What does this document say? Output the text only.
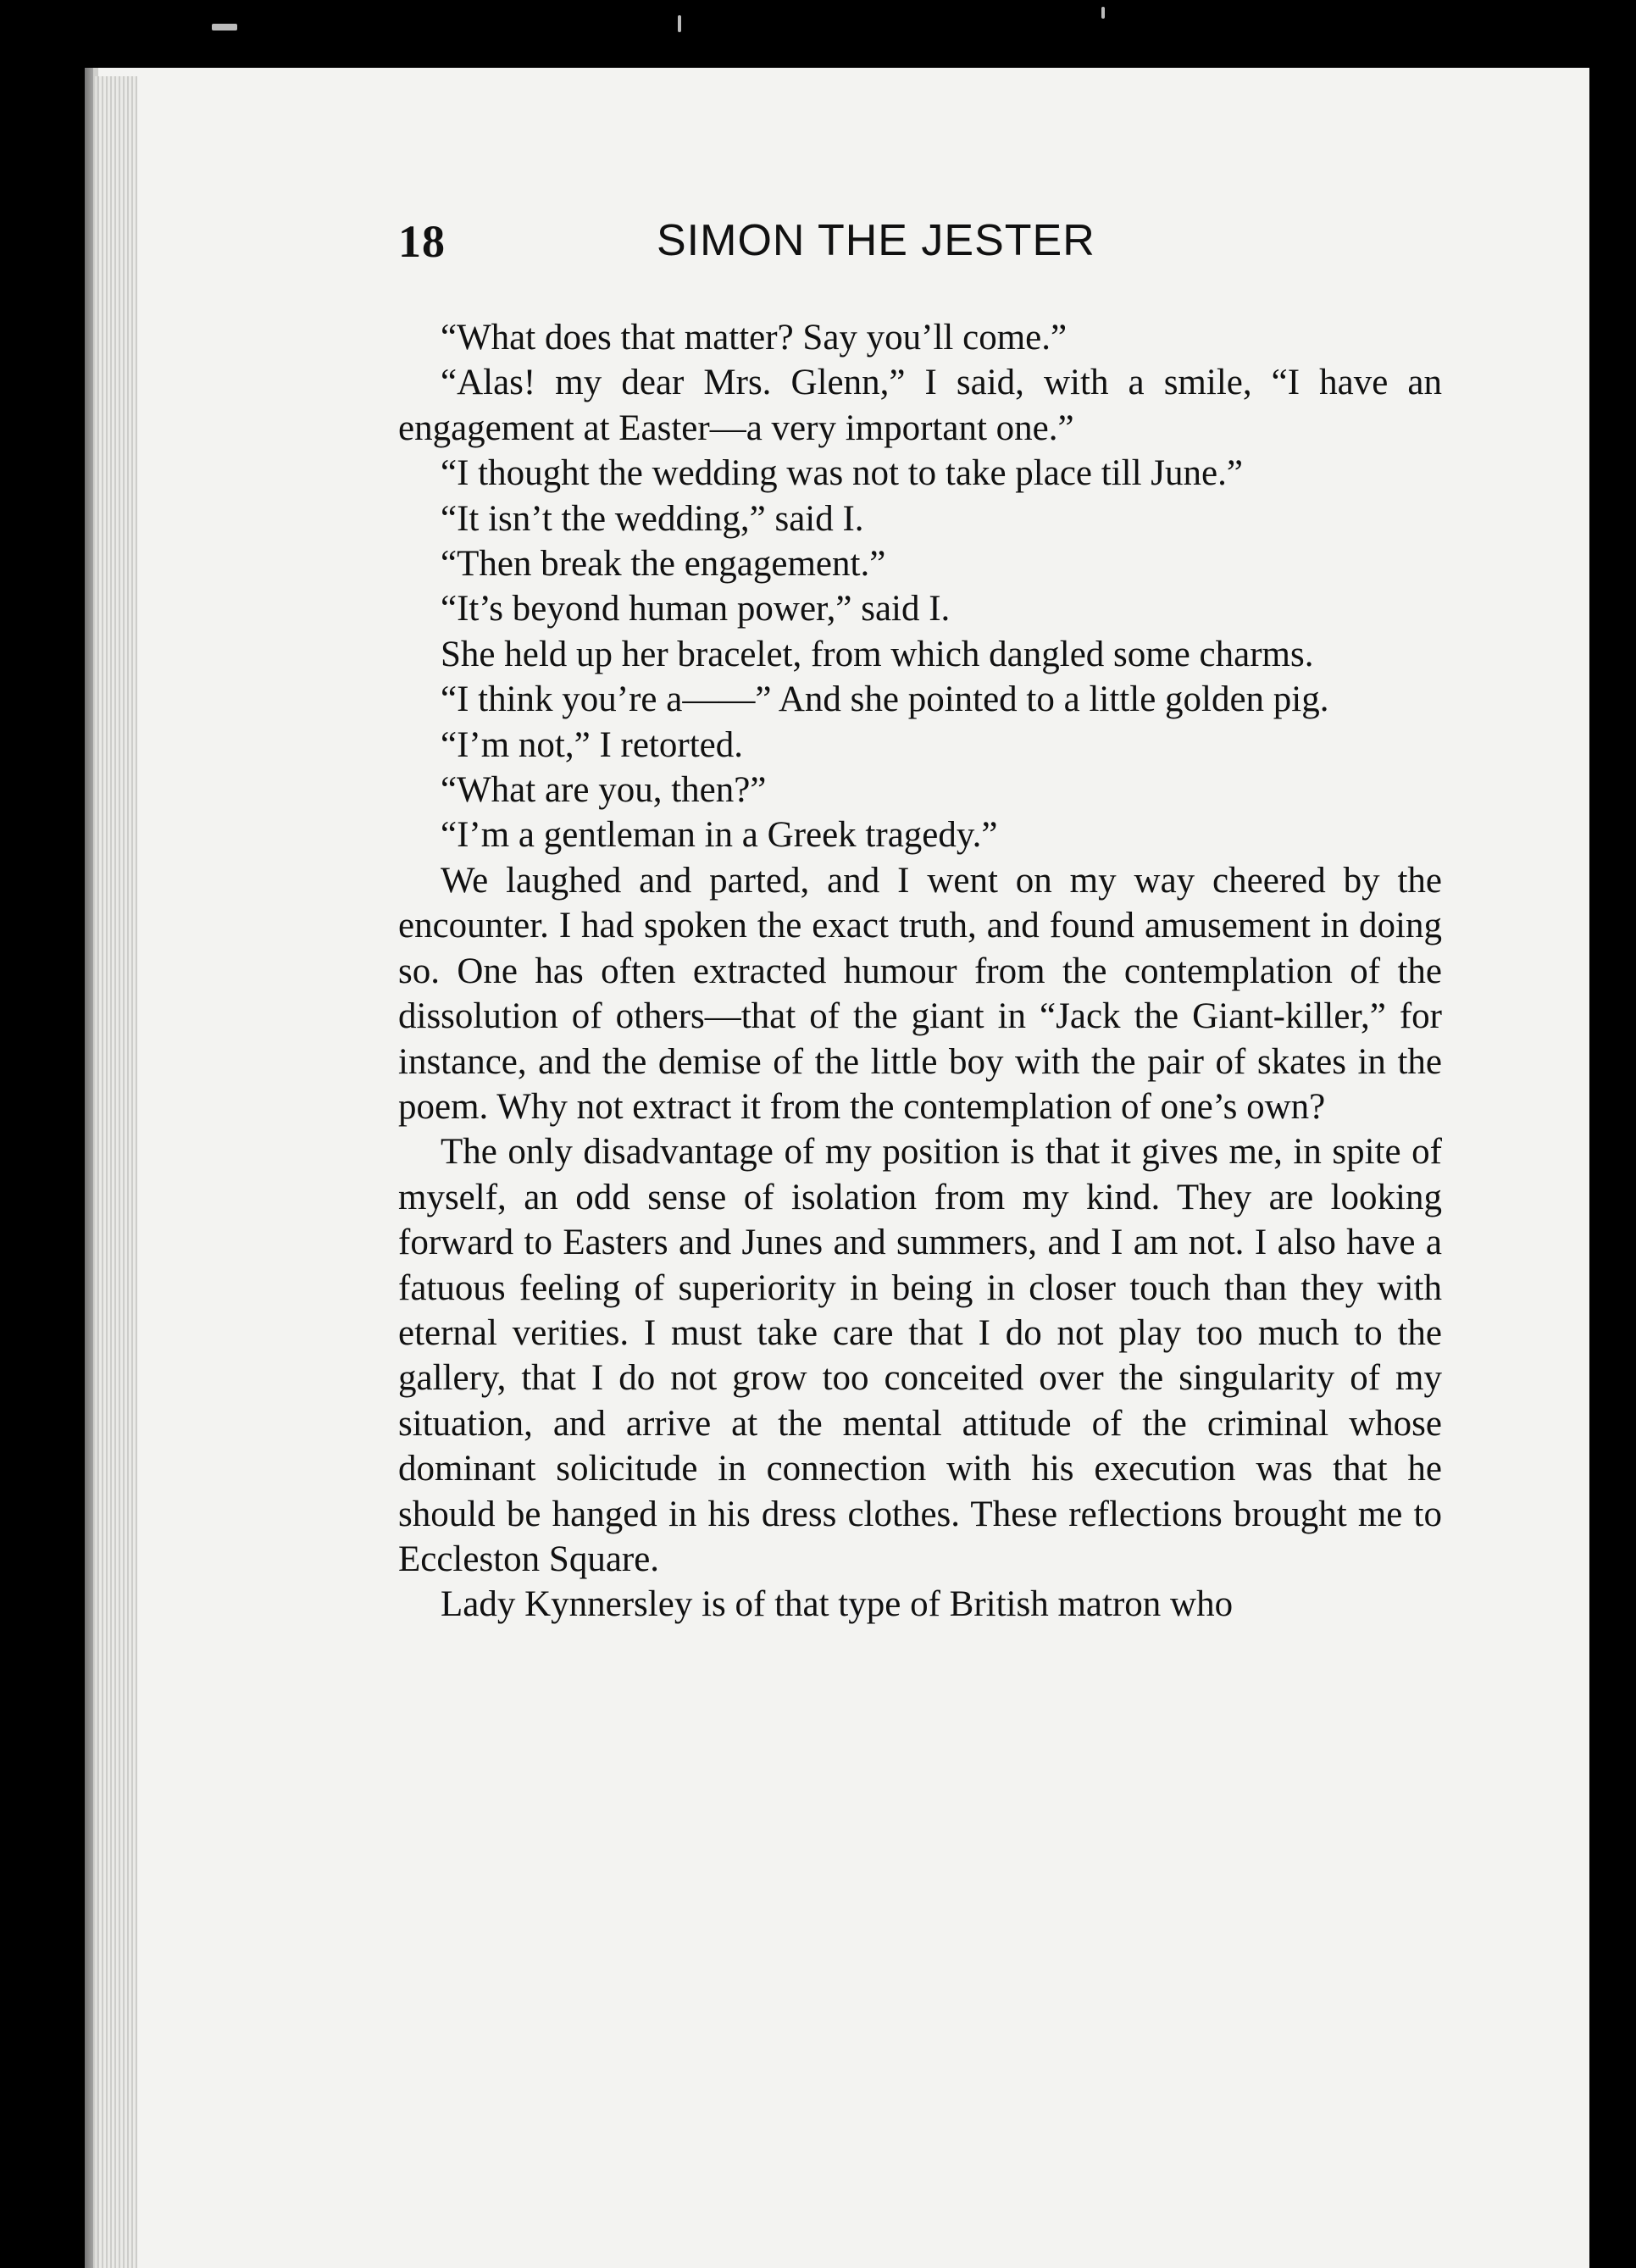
18	SIMON THE JESTER

“What does that matter? Say you’ll come.”

“Alas! my dear Mrs. Glenn,” I said, with a smile, “I have an engagement at Easter—a very important one.”

“I thought the wedding was not to take place till June.”

“It isn’t the wedding,” said I.

“Then break the engagement.”

“It’s beyond human power,” said I.

She held up her bracelet, from which dangled some charms.

“I think you’re a——” And she pointed to a little golden pig.

“I’m not,” I retorted.

“What are you, then?”

“I’m a gentleman in a Greek tragedy.”

We laughed and parted, and I went on my way cheered by the encounter. I had spoken the exact truth, and found amusement in doing so. One has often extracted humour from the contemplation of the dissolution of others—that of the giant in “Jack the Giant-killer,” for instance, and the demise of the little boy with the pair of skates in the poem. Why not extract it from the contemplation of one’s own?

The only disadvantage of my position is that it gives me, in spite of myself, an odd sense of isolation from my kind. They are looking forward to Easters and Junes and summers, and I am not. I also have a fatuous feeling of superiority in being in closer touch than they with eternal verities. I must take care that I do not play too much to the gallery, that I do not grow too conceited over the singularity of my situation, and arrive at the mental attitude of the criminal whose dominant solicitude in connection with his execution was that he should be hanged in his dress clothes. These reflections brought me to Eccleston Square.

Lady Kynnersley is of that type of British matron who
